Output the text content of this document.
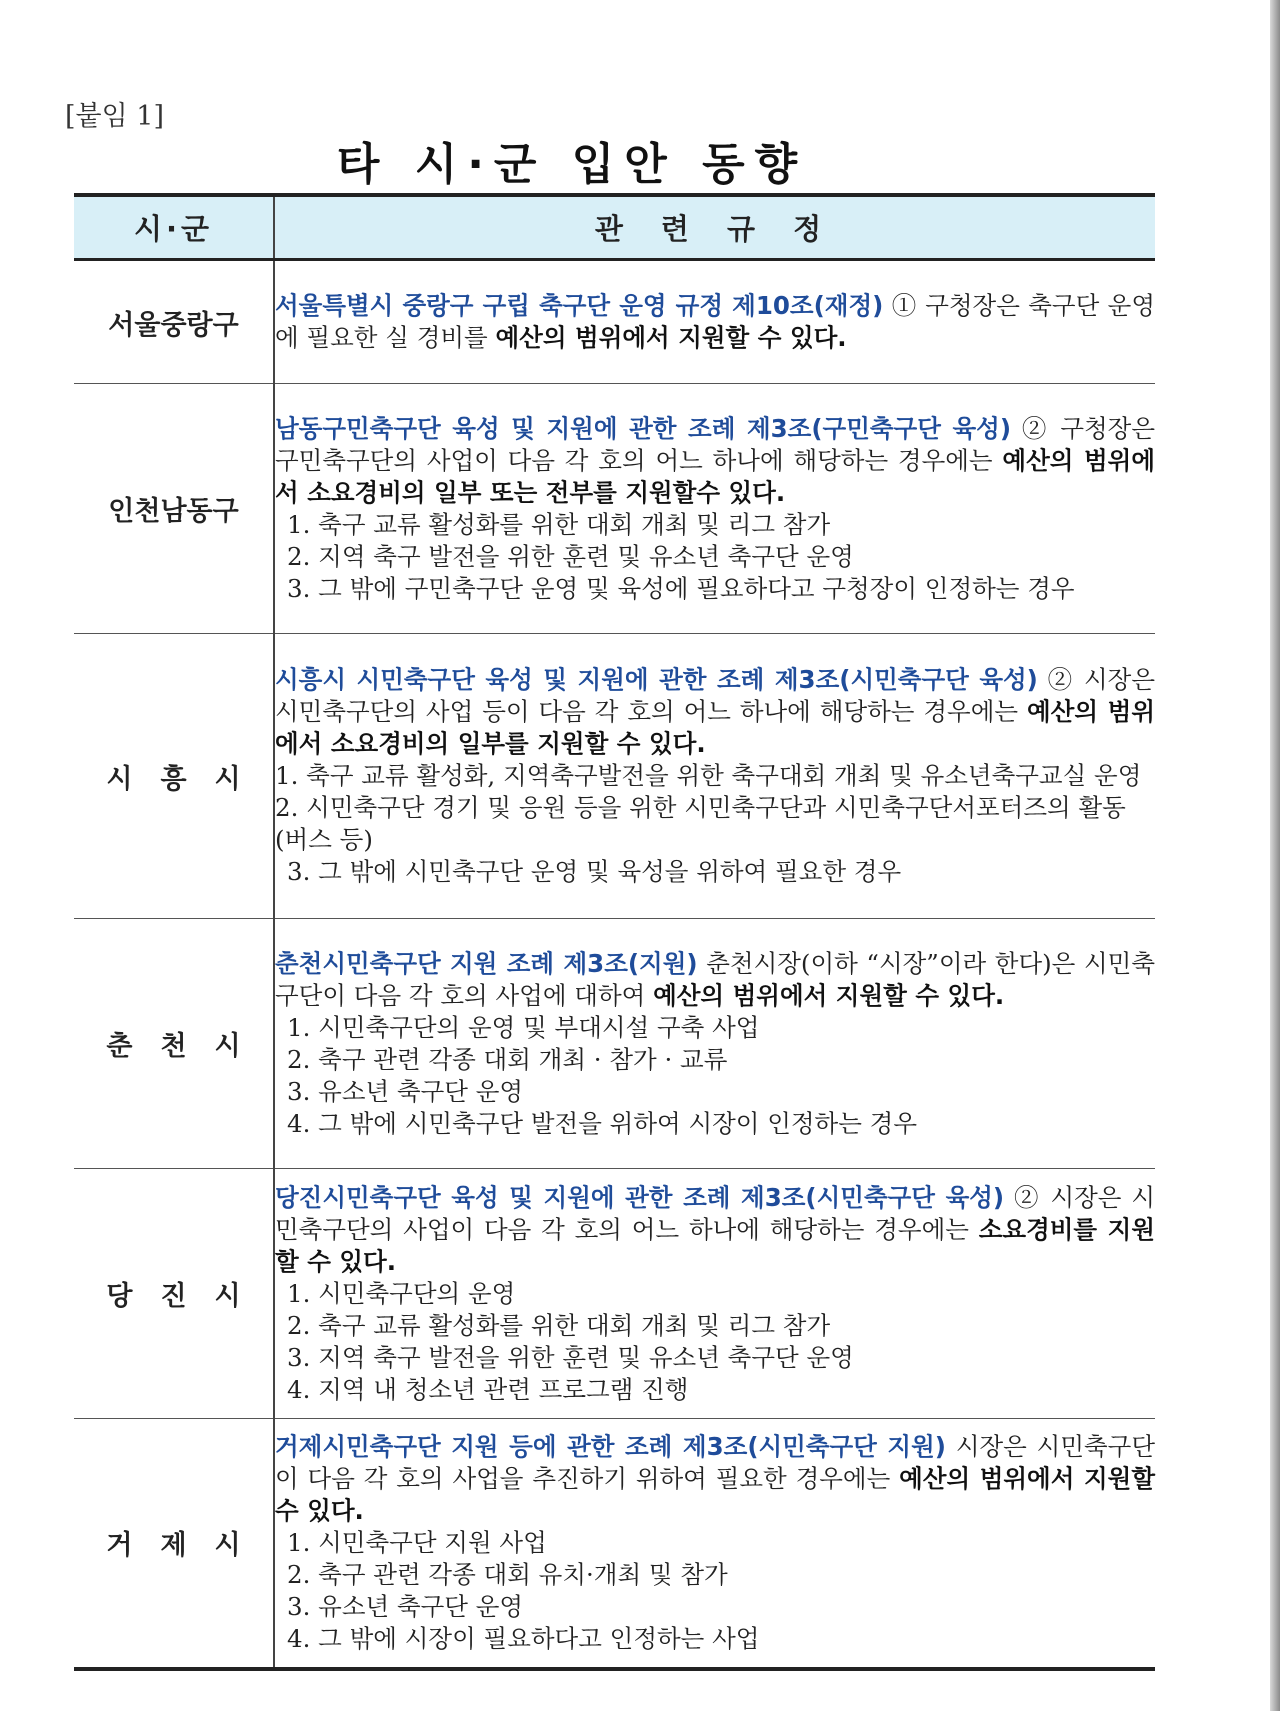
[붙임 1]
타 시·군 입안 동향
시·군	관 련 규 정
서울중랑구	서울특별시 중랑구 구립 축구단 운영 규정 제10조(재정) ① 구청장은 축구단 운영에 필요한 실 경비를 예산의 범위에서 지원할 수 있다.
인천남동구	남동구민축구단 육성 및 지원에 관한 조례 제3조(구민축구단 육성) ② 구청장은 구민축구단의 사업이 다음 각 호의 어느 하나에 해당하는 경우에는 예산의 범위에서 소요경비의 일부 또는 전부를 지원할수 있다.
1. 축구 교류 활성화를 위한 대회 개최 및 리그 참가
2. 지역 축구 발전을 위한 훈련 및 유소년 축구단 운영
3. 그 밖에 구민축구단 운영 및 육성에 필요하다고 구청장이 인정하는 경우

시흥시	시흥시 시민축구단 육성 및 지원에 관한 조례 제3조(시민축구단 육성) ② 시장은 시민축구단의 사업 등이 다음 각 호의 어느 하나에 해당하는 경우에는 예산의 범위에서 소요경비의 일부를 지원할 수 있다.
1. 축구 교류 활성화, 지역축구발전을 위한 축구대회 개최 및 유소년축구교실 운영
2. 시민축구단 경기 및 응원 등을 위한 시민축구단과 시민축구단서포터즈의 활동(버스 등)
3. 그 밖에 시민축구단 운영 및 육성을 위하여 필요한 경우

춘천시	춘천시민축구단 지원 조례 제3조(지원) 춘천시장(이하 “시장”이라 한다)은 시민축구단이 다음 각 호의 사업에 대하여 예산의 범위에서 지원할 수 있다.
1. 시민축구단의 운영 및 부대시설 구축 사업
2. 축구 관련 각종 대회 개최 · 참가 · 교류
3. 유소년 축구단 운영
4. 그 밖에 시민축구단 발전을 위하여 시장이 인정하는 경우

당진시	당진시민축구단 육성 및 지원에 관한 조례 제3조(시민축구단 육성) ② 시장은 시민축구단의 사업이 다음 각 호의 어느 하나에 해당하는 경우에는 소요경비를 지원할 수 있다.
1. 시민축구단의 운영
2. 축구 교류 활성화를 위한 대회 개최 및 리그 참가
3. 지역 축구 발전을 위한 훈련 및 유소년 축구단 운영
4. 지역 내 청소년 관련 프로그램 진행

거제시	거제시민축구단 지원 등에 관한 조례 제3조(시민축구단 지원) 시장은 시민축구단이 다음 각 호의 사업을 추진하기 위하여 필요한 경우에는 예산의 범위에서 지원할 수 있다.
1. 시민축구단 지원 사업
2. 축구 관련 각종 대회 유치·개최 및 참가
3. 유소년 축구단 운영
4. 그 밖에 시장이 필요하다고 인정하는 사업
